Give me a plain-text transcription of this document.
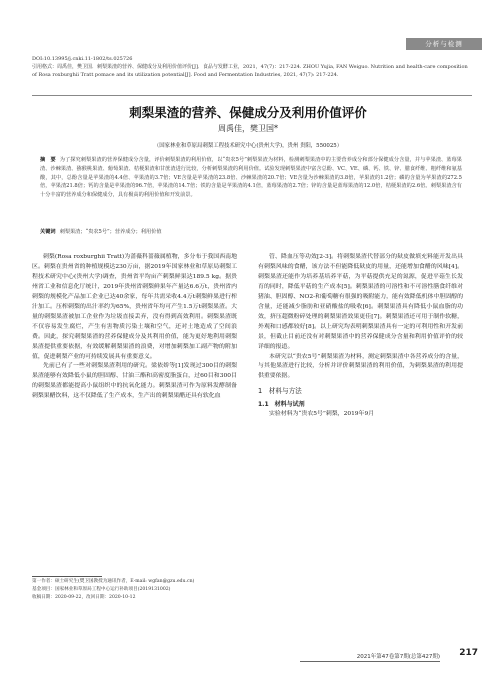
分析与检测
DOI:10.13995/j.cnki.11-1802/ts.025726
引用格式：周禹佳，樊卫国．刺梨果渣的营养、保健成分及利用价值评价[J]．食品与发酵工业，2021，47(7)：217-224. ZHOU Yujia, FAN Weiguo. Nutrition and health-care composition of Rosa roxburghii Tratt pomace and its utilization potential[J]. Food and Fermentation Industries, 2021, 47(7): 217-224.
刺梨果渣的营养、保健成分及利用价值评价
周禹佳，樊卫国*
（国家林业和草原局刺梨工程技术研究中心(贵州大学)，贵州 贵阳，550025）
摘　要 为了探究刺梨果渣的营养保健成分含量，评价刺梨果渣的利用价值，以“贵农5号”刺梨果渣为材料，检测刺梨果渣中的主要营养成分和部分保健成分含量，并与苹果渣、蓝莓果渣、沙棘果渣、猕猴桃果渣、葡萄果渣、桔梗果渣和甘蔗渣进行比较，分析刺梨果渣的利用价值。试验发现刺梨果渣中富含总酚、VC、VE、磷、钙、铁、锌、膳食纤维、粗纤维和氨基酸，其中，总酚含量是苹果渣的4.4倍、苹果渣的3.7倍；VE含量是苹果渣的23.8倍、沙棘果渣的20.7倍；VE含量为沙棘果渣的3.8倍，苹果渣的1.2倍；磷的含量为苹果渣的272.5倍，苹果渣21.8倍；钙的含量是苹果渣的96.7倍，苹果渣的14.7倍；铁的含量是苹果渣的4.1倍，蓝莓果渣的2.7倍；锌的含量是蓝莓果渣的12.0倍，桔梗果渣的2.6倍。刺梨果渣含有十分丰富的营养成分和保健成分，具有极高的利用价值和开发前景。
关键词 刺梨果渣；“贵农5号”；营养成分；利用价值

刺梨(Rosa roxburghii Tratt)为蔷薇科蔷薇属植物，多分布于我国西南地区。刺梨在贵州省的种植规模达230万亩，据2019年国家林业和草原局刺梨工程技术研究中心(贵州大学)调查，贵州省平均亩产刺梨鲜果达189.5 kg。据贵州省工业和信息化厅统计，2019年贵州省刺梨鲜果年产量达6.6万t，贵州省内刺梨的规模化产品加工企业已达40余家，每年共需采收4.4万t刺梨鲜果进行榨汁加工。压榨刺梨的出汁率约为65%，贵州省年均可产生1.5万t刺梨果渣。大量的刺梨果渣被加工企业作为垃圾直接丢弃，没有得到高效利用。刺梨果渣既不仅容易发生腐烂，产生有害物质污染土壤和空气，还对土地造成了空间浪费。因此，探究刺梨果渣的营养保健成分及其利用价值，能为更好地利用刺梨果渣提供重要依据，有效缓解刺梨果渣的浪费，对增加刺梨加工副产物的附加值，促进刺梨产业的可持续发展具有重要意义。

先前已有了一些对刺梨果渣利用的研究。梁依娇等[1]发现过300目的刺梨果渣能够有效降低小鼠的胆固醇、甘油三酯和高密度脂蛋白，过60目和300目的刺梨果渣都能提高小鼠组织中的抗氧化能力。刺梨果渣可作为原料发酵制备刺梨果醋饮料，这不仅降低了生产成本，生产出的刺梨果醋还具有软化血

管、降血压等功效[2-3]。将刺梨果渣代替部分的麸皮做填充料能开发出具有刺梨风味的食醋，该方法不但能降低麸皮的用量，还能增加食醋的风味[4]。刺梨果渣还能作为培养基培养平菇，为平菇提供充足的氮源，促进平菇生长发育的同时，降低平菇的生产成本[5]。刺梨果渣的可溶性和不可溶性膳食纤维对猪油、胆固醇、NO2-和葡萄糖有很强的吸附能力，能有效降低机体中胆固醇的含量，还能减少脂肪和亚硝酸盐的吸收[6]。刺梨果渣具有降低小鼠血脂的功效，挤压超微粉碎处理的刺梨果渣效果更佳[7]。刺梨果渣还可用于制作软糖，外观和口感都较好[8]。以上研究均表明刺梨果渣具有一定的可利用性和开发前景，但截止目前还没有对刺梨果渣中的营养保健成分含量和利用价值评价的较详细的报道。

本研究以“贵农5号”刺梨果渣为材料，测定刺梨果渣中各营养成分的含量，与其他果渣进行比较，分析并评价刺梨果渣的利用价值，为刺梨果渣的利用提供重要依据。

1　材料与方法

1.1　材料与试剂

实验材料为“贵农5号”刺梨，2019年9月

第一作者：硕士研究生(樊卫国教授为通讯作者，E-mail: wgfan@gzu.edu.cn)
基金项目：国家林业和草原局工程中心运行补助项目(2019131002)
收稿日期：2020-09-22，改回日期：2020-10-12
2021年第47卷第7期(总第427期) 217
